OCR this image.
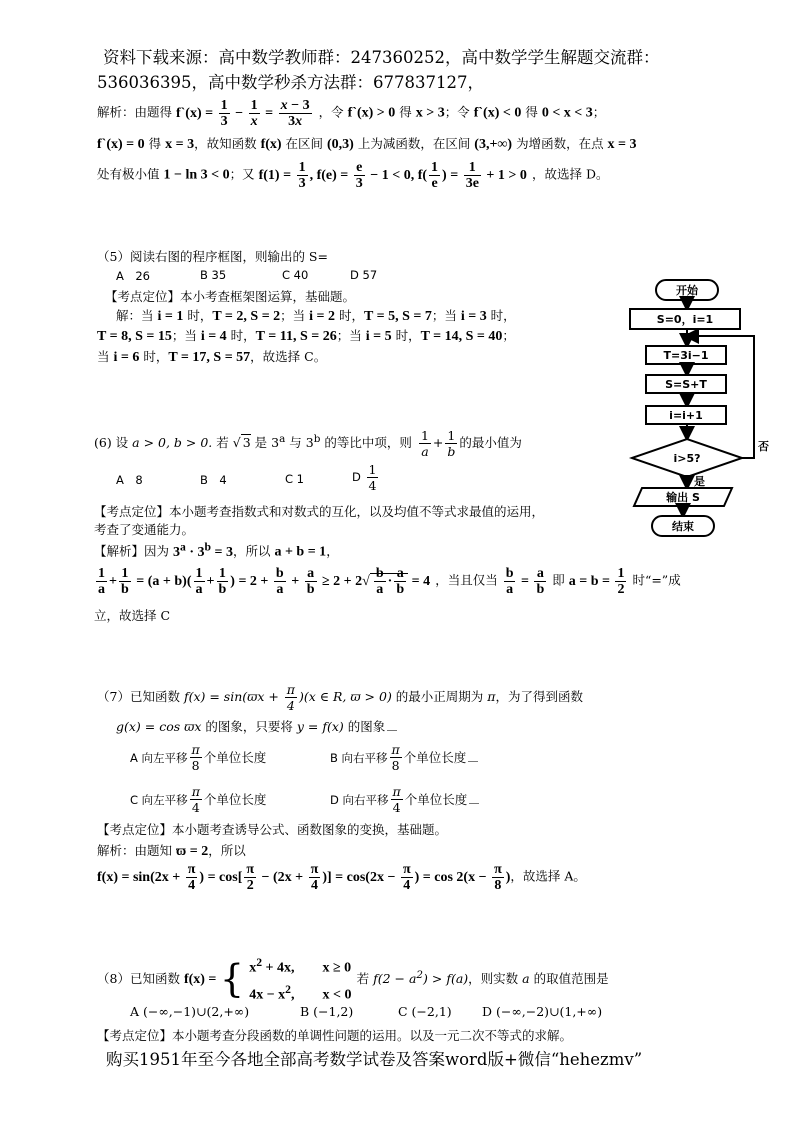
资料下载来源：高中数学教师群：247360252，高中数学学生解题交流群：
536036395，高中数学秒杀方法群：677837127，
解析：由题得 f`(x) = $\frac{1}{3} - \frac{1}{x} = \frac{x - 3}{3x}$ ，令 f`(x) > 0 得 x > 3；令 f`(x) < 0 得 0 < x < 3；
f`(x) = 0 得 x = 3，故知函数 f(x) 在区间 (0,3) 上为减函数，在区间 (3,+∞) 为增函数，在点 x = 3
处有极小值 1 − ln 3 < 0；又 $f(1) = \frac{1}{3}$ , $f(e) = \frac{e}{3} - 1 < 0$, $f( \frac{1}{e}$ ) = $\frac{1}{3e} + 1 > 0$ ，故选择 D。
（5）阅读右图的程序框图，则输出的 S=
A　26	B 35	C 40	D 57
【考点定位】本小考查框架图运算，基础题。
解：当 i = 1 时，T = 2, S = 2；当 i = 2 时，T = 5, S = 7；当 i = 3 时，
T = 8, S = 15；当 i = 4 时，T = 11, S = 26；当 i = 5 时，T = 14, S = 40；
当 i = 6 时，T = 17, S = 57，故选择 C。
开始
S=0，i=1
T=3i−1
S=S+T
i=i+1
i>5?
否
是
输出 S
结束
(6) 设 a > 0, b > 0. 若 √ 3 是 3$^a$ 与 3$^b$ 的等比中项，则 $\frac{1}{a} + \frac{1}{b}$ 的最小值为
A　8	B　4	C 1	D $\frac{1}{4}$
【考点定位】本小题考查指数式和对数式的互化，以及均值不等式求最值的运用，
考查了变通能力。
【解析】因为 $3^a \cdot 3^b = 3$，所以 a + b = 1，
$\frac{1}{a} + \frac{1}{b} = (a + b)( \frac{1}{a} + \frac{1}{b}$ ) = $2 + \frac{b}{a} + \frac{a}{b} \ge 2 + 2√ \frac{b}{a} \cdot \frac{a}{b} = 4$ ，当且仅当 $\frac{b}{a} = \frac{a}{b}$ 即 $a = b = \frac{1}{2}$ 时“=”成
立，故选择 C
（7）已知函数 $f(x) = \sin(ϖx + \frac{\pi}{4} )(x$ ∈ R, ϖ > 0) 的最小正周期为 π，为了得到函数
g(x) = cos ϖx 的图象，只要将 y = f(x) 的图象
A 向左平移 $\frac{\pi}{8}$ 个单位长度	B 向右平移 $\frac{\pi}{8}$ 个单位长度
C 向左平移 $\frac{\pi}{4}$ 个单位长度	D 向右平移 $\frac{\pi}{4}$ 个单位长度
【考点定位】本小题考查诱导公式、函数图象的变换，基础题。
解析：由题知 ϖ = 2，所以
$f(x) = \sin(2x + \frac{\pi}{4}$ ) = $\cos[ \frac{\pi}{2} - (2x + \frac{\pi}{4}$ )] = $\cos(2x - \frac{\pi}{4}$ ) = $\cos 2(x - \frac{\pi}{8}$ )，故选择 A。
（8）已知函数 f(x) = { $x^2 + 4x$,        x ≥ 0
$4x - x^2$,        x < 0
若 $f(2 - a^2) > f(a)$，则实数 a 的取值范围是
A (−∞,−1)∪(2,+∞)	B (−1,2)	C (−2,1) D (−∞,−2)∪(1,+∞)
【考点定位】本小题考查分段函数的单调性问题的运用。以及一元二次不等式的求解。
购买1951年至今各地全部高考数学试卷及答案word版+微信“hehezmv”
